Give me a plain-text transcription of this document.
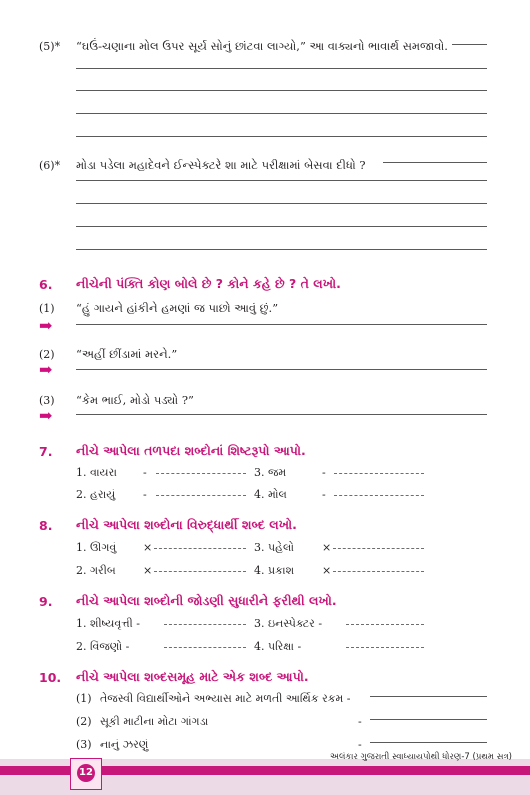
(5)* “ઘઉં-ચણાના મોલ ઉપર સૂર્ય સોનું છાંટવા લાગ્યો,” આ વાક્યનો ભાવાર્થ સમજાવો.
(6)* મોડા પડેલા મહાદેવને ઈન્સ્પેક્ટરે શા માટે પરીક્ષામાં બેસવા દીધો ?
6. નીચેની પંક્તિ કોણ બોલે છે ? કોને કહે છે ? તે લખો.
(1) “હું ગાયને હાંકીને હમણાં જ પાછો આવું છું.”
➡
(2) “અહીં છીંડામાં મરને.”
➡
(3) “કેમ ભાઈ, મોડો પડ્યો ?”
➡
7. નીચે આપેલા તળપદા શબ્દોનાં શિષ્ટરૂપો આપો.
1. વાયરા -	3. જમ	-
2. હરાયું	-	4. મોલ	-
8. નીચે આપેલા શબ્દોના વિરુદ્ધાર્થી શબ્દ લખો.
1. ઊગવું ×	3. પહેલો	×
2. ગરીબ ×	4. પ્રકાશ	×
9. નીચે આપેલા શબ્દોની જોડણી સુધારીને ફરીથી લખો.
1. શીષ્યવૃત્તી -	3. ઇનસ્પેક્ટર -
2. વિંજણો -	4. પરિક્ષા -
10. નીચે આપેલા શબ્દસમૂહ માટે એક શબ્દ આપો.
(1) તેજસ્વી વિદ્યાર્થીઓને અભ્યાસ માટે મળતી આર્થિક રકમ -
(2) સૂકી માટીના મોટા ગાંગડા	-
(3) નાનું ઝરણું	-
12
અલંકાર ગુજરાતી સ્વાધ્યાયપોથી ધોરણ-7 (પ્રથમ સત્ર)
